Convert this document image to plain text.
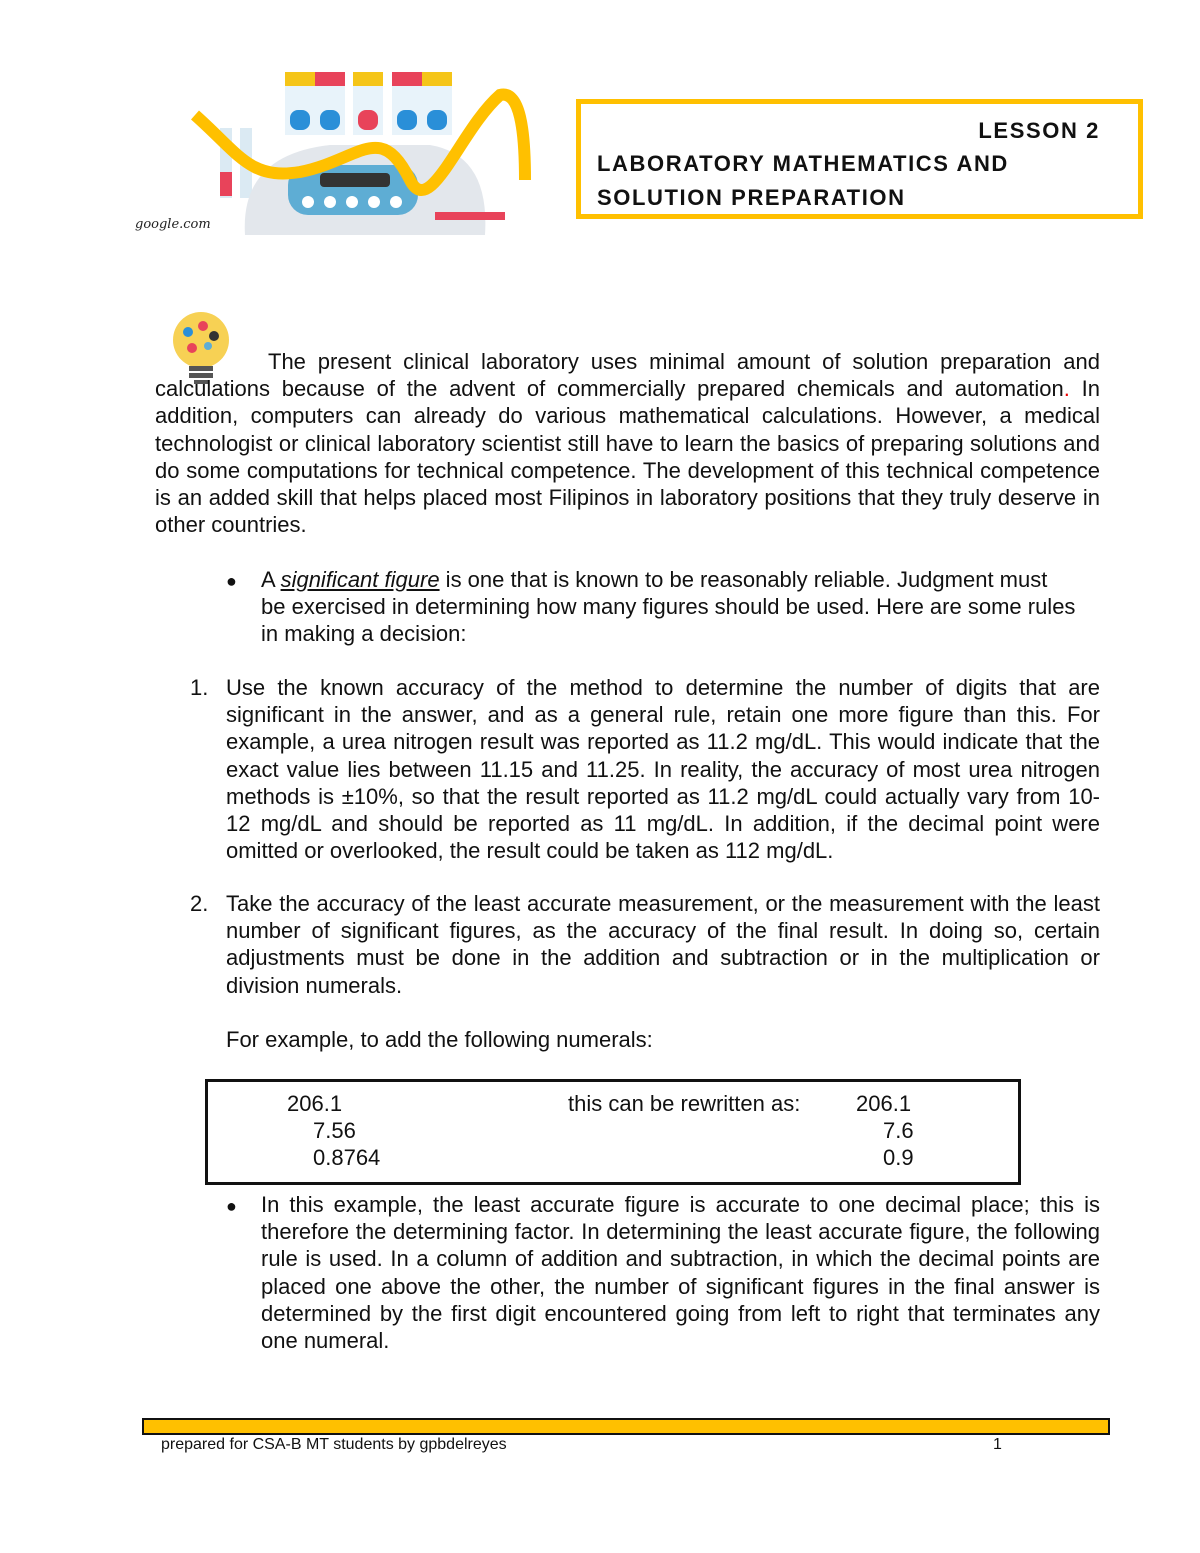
google.com
LESSON 2
LABORATORY MATHEMATICS AND
SOLUTION PREPARATION
The present clinical laboratory uses minimal amount of solution preparation and calculations because of the advent of commercially prepared chemicals and automation. In addition, computers can already do various mathematical calculations. However, a medical technologist or clinical laboratory scientist still have to learn the basics of preparing solutions and do some computations for technical competence. The development of this technical competence is an added skill that helps placed most Filipinos in laboratory positions that they truly deserve in other countries.
● A significant figure is one that is known to be reasonably reliable. Judgment must be exercised in determining how many figures should be used. Here are some rules in making a decision:
1. Use the known accuracy of the method to determine the number of digits that are significant in the answer, and as a general rule, retain one more figure than this. For example, a urea nitrogen result was reported as 11.2 mg/dL. This would indicate that the exact value lies between 11.15 and 11.25. In reality, the accuracy of most urea nitrogen methods is ±10%, so that the result reported as 11.2 mg/dL could actually vary from 10-12 mg/dL and should be reported as 11 mg/dL. In addition, if the decimal point were omitted or overlooked, the result could be taken as 112 mg/dL.
2. Take the accuracy of the least accurate measurement, or the measurement with the least number of significant figures, as the accuracy of the final result. In doing so, certain adjustments must be done in the addition and subtraction or in the multiplication or division numerals.
For example, to add the following numerals:
206.1
7.56
0.8764
this can be rewritten as:	206.1
7.6
0.9
● In this example, the least accurate figure is accurate to one decimal place; this is therefore the determining factor. In determining the least accurate figure, the following rule is used. In a column of addition and subtraction, in which the decimal points are placed one above the other, the number of significant figures in the final answer is determined by the first digit encountered going from left to right that terminates any one numeral.
prepared for CSA-B MT students by gpbdelreyes	1
